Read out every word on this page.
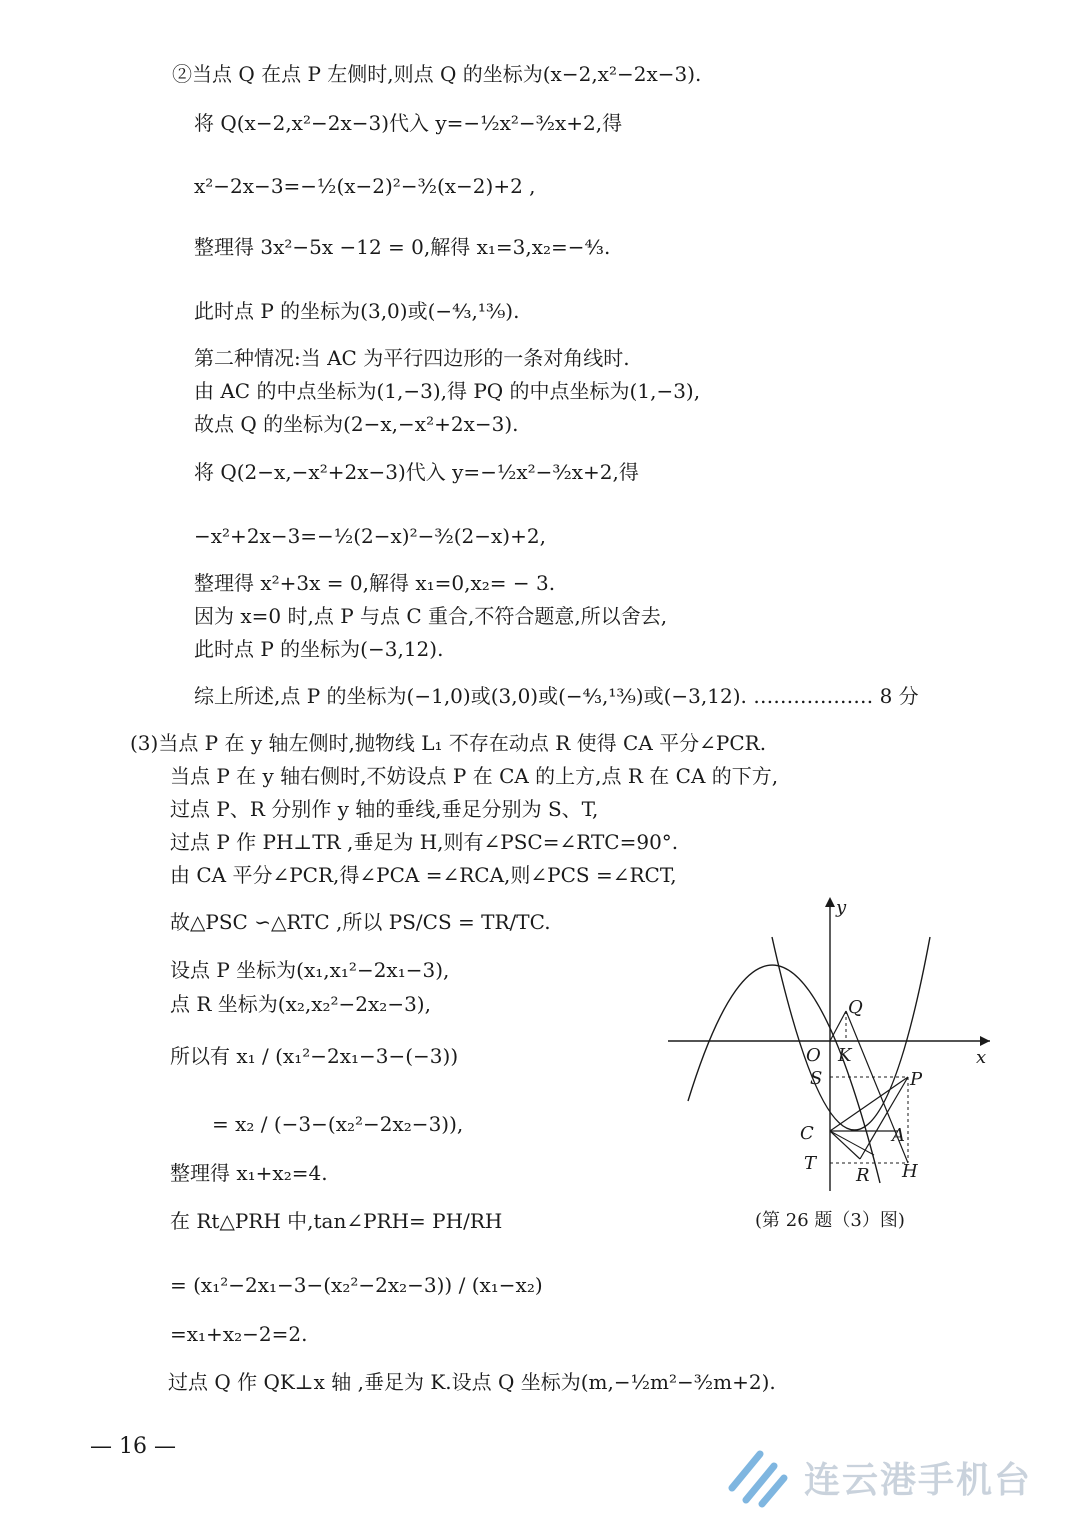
②当点 Q 在点 P 左侧时,则点 Q 的坐标为(x−2,x²−2x−3).
将 Q(x−2,x²−2x−3)代入 y=−½x²−³⁄₂x+2,得
x²−2x−3=−½(x−2)²−³⁄₂(x−2)+2 ,
整理得 3x²−5x −12 = 0,解得 x₁=3,x₂=−⁴⁄₃.
此时点 P 的坐标为(3,0)或(−⁴⁄₃,¹³⁄₉).
第二种情况:当 AC 为平行四边形的一条对角线时.
由 AC 的中点坐标为(1,−3),得 PQ 的中点坐标为(1,−3),
故点 Q 的坐标为(2−x,−x²+2x−3).
将 Q(2−x,−x²+2x−3)代入 y=−½x²−³⁄₂x+2,得
−x²+2x−3=−½(2−x)²−³⁄₂(2−x)+2,
整理得 x²+3x = 0,解得 x₁=0,x₂= − 3.
因为 x=0 时,点 P 与点 C 重合,不符合题意,所以舍去,
此时点 P 的坐标为(−3,12).
综上所述,点 P 的坐标为(−1,0)或(3,0)或(−⁴⁄₃,¹³⁄₉)或(−3,12). ……………… 8 分
(3)当点 P 在 y 轴左侧时,抛物线 L₁ 不存在动点 R 使得 CA 平分∠PCR.
当点 P 在 y 轴右侧时,不妨设点 P 在 CA 的上方,点 R 在 CA 的下方,
过点 P、R 分别作 y 轴的垂线,垂足分别为 S、T,
过点 P 作 PH⊥TR ,垂足为 H,则有∠PSC=∠RTC=90°.
由 CA 平分∠PCR,得∠PCA =∠RCA,则∠PCS =∠RCT,
故△PSC ∽△RTC ,所以 PS/CS = TR/TC.
设点 P 坐标为(x₁,x₁²−2x₁−3),
点 R 坐标为(x₂,x₂²−2x₂−3),
所以有 x₁ / (x₁²−2x₁−3−(−3))
= x₂ / (−3−(x₂²−2x₂−3)),
整理得 x₁+x₂=4.
在 Rt△PRH 中,tan∠PRH= PH/RH
= (x₁²−2x₁−3−(x₂²−2x₂−3)) / (x₁−x₂)
=x₁+x₂−2=2.
过点 Q 作 QK⊥x 轴 ,垂足为 K.设点 Q 坐标为(m,−½m²−³⁄₂m+2).
y
x
O K
Q
S	P
C	A
T
R H
(第 26 题（3）图)
— 16 —
连云港手机台
